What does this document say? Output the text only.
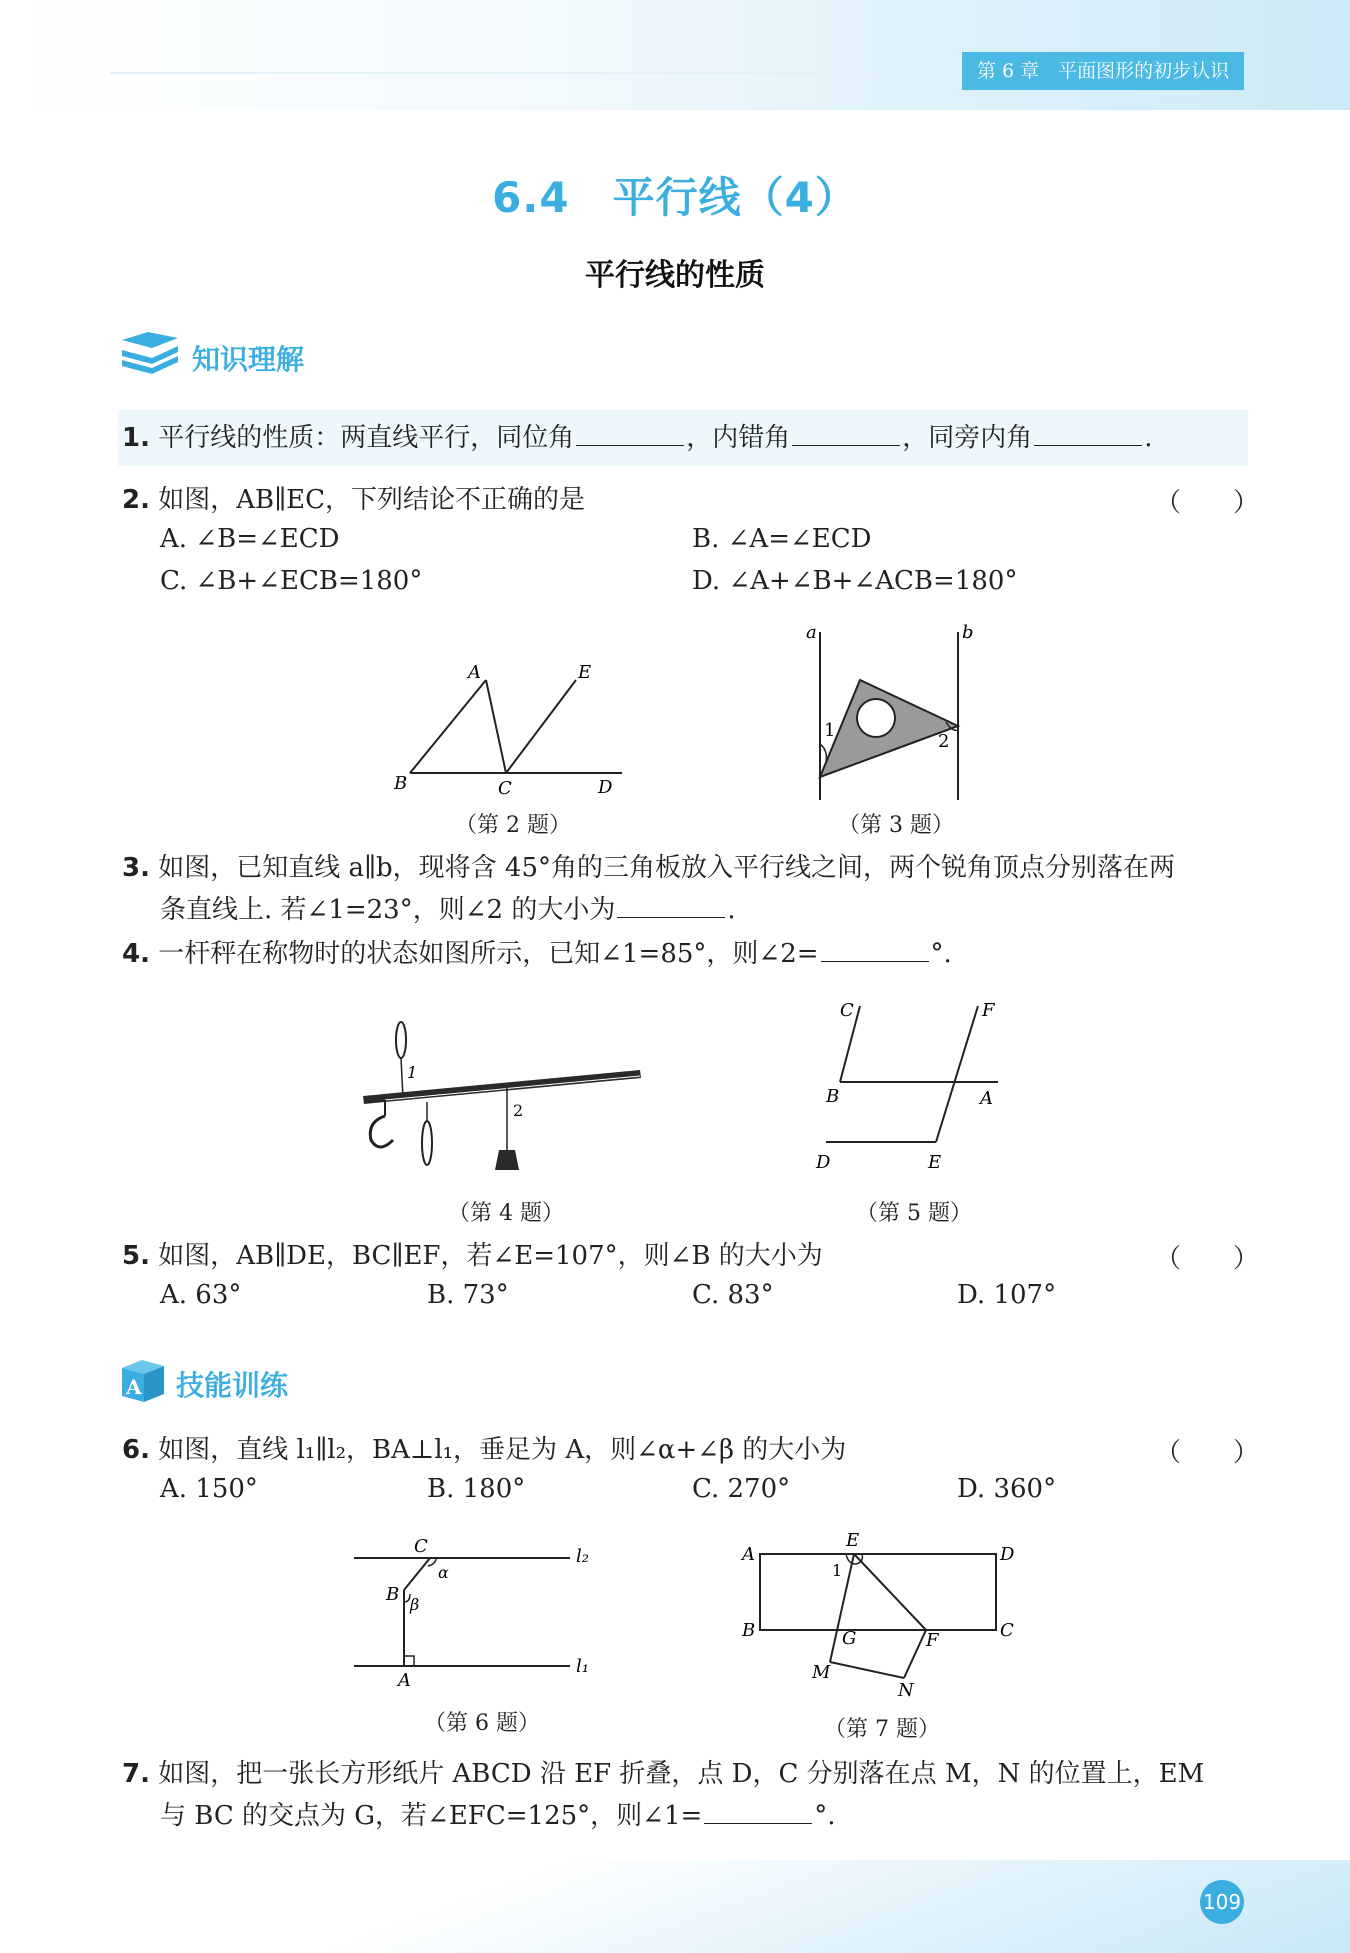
第 6 章　平面图形的初步认识
6.4　平行线（4）
平行线的性质
知识理解
1. 平行线的性质：两直线平行，同位角	，内错角	，同旁内角	.
2. 如图，AB∥EC，下列结论不正确的是	（　　）
A. ∠B=∠ECD	B. ∠A=∠ECD
C. ∠B+∠ECB=180°	D. ∠A+∠B+∠ACB=180°
A	E
B	C	D
（第 2 题）
a	b
1
2
（第 3 题）
3. 如图，已知直线 a∥b，现将含 45°角的三角板放入平行线之间，两个锐角顶点分别落在两
条直线上. 若∠1=23°，则∠2 的大小为	.
4. 一杆秤在称物时的状态如图所示，已知∠1=85°，则∠2=	°.
1
2
（第 4 题）
C	F
B	A
D	E
（第 5 题）
5. 如图，AB∥DE，BC∥EF，若∠E=107°，则∠B 的大小为	（　　）
A. 63°	B. 73°	C. 83°	D. 107°
A 技能训练
6. 如图，直线 l₁∥l₂，BA⊥l₁，垂足为 A，则∠α+∠β 的大小为	（　　）
A. 150°	B. 180°	C. 270°	D. 360°
C
α
l₂
B β
A
l₁
（第 6 题）
A
E
D
1
B	G	F	C
M
N
（第 7 题）
7. 如图，把一张长方形纸片 ABCD 沿 EF 折叠，点 D，C 分别落在点 M，N 的位置上，EM
与 BC 的交点为 G，若∠EFC=125°，则∠1=	°.
109
